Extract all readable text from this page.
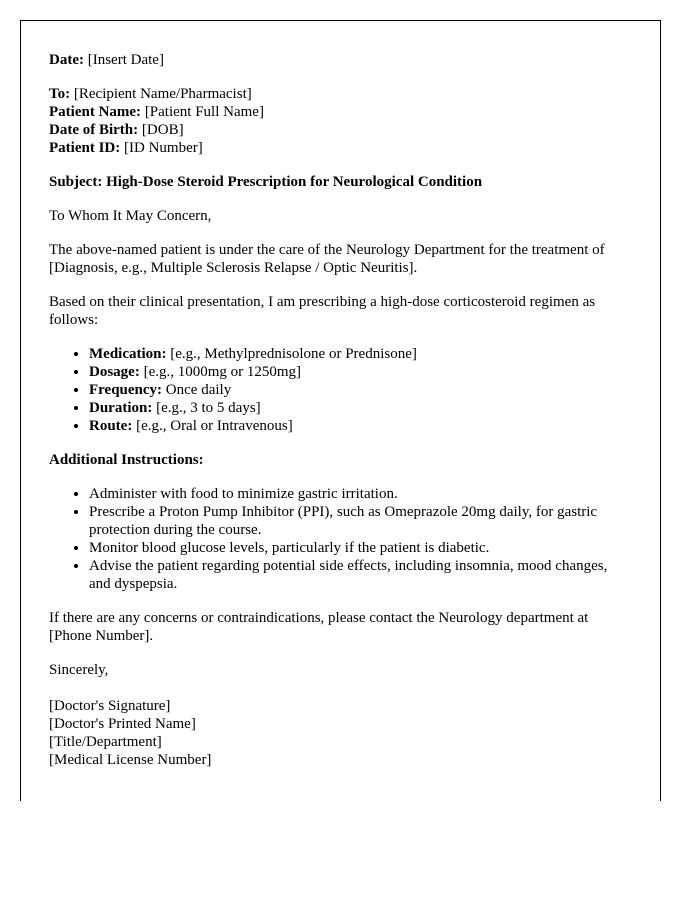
Date: [Insert Date]

To: [Recipient Name/Pharmacist]

Patient Name: [Patient Full Name]

Date of Birth: [DOB]

Patient ID: [ID Number]

Subject: High-Dose Steroid Prescription for Neurological Condition

To Whom It May Concern,

The above-named patient is under the care of the Neurology Department for the treatment of [Diagnosis, e.g., Multiple Sclerosis Relapse / Optic Neuritis].

Based on their clinical presentation, I am prescribing a high-dose corticosteroid regimen as follows:

• Medication: [e.g., Methylprednisolone or Prednisone]
• Dosage: [e.g., 1000mg or 1250mg]
• Frequency: Once daily
• Duration: [e.g., 3 to 5 days]
• Route: [e.g., Oral or Intravenous]

Additional Instructions:

• Administer with food to minimize gastric irritation.
• Prescribe a Proton Pump Inhibitor (PPI), such as Omeprazole 20mg daily, for gastric protection during the course.
• Monitor blood glucose levels, particularly if the patient is diabetic.
• Advise the patient regarding potential side effects, including insomnia, mood changes, and dyspepsia.

If there are any concerns or contraindications, please contact the Neurology department at [Phone Number].

Sincerely,

[Doctor's Signature]

[Doctor's Printed Name]

[Title/Department]

[Medical License Number]
